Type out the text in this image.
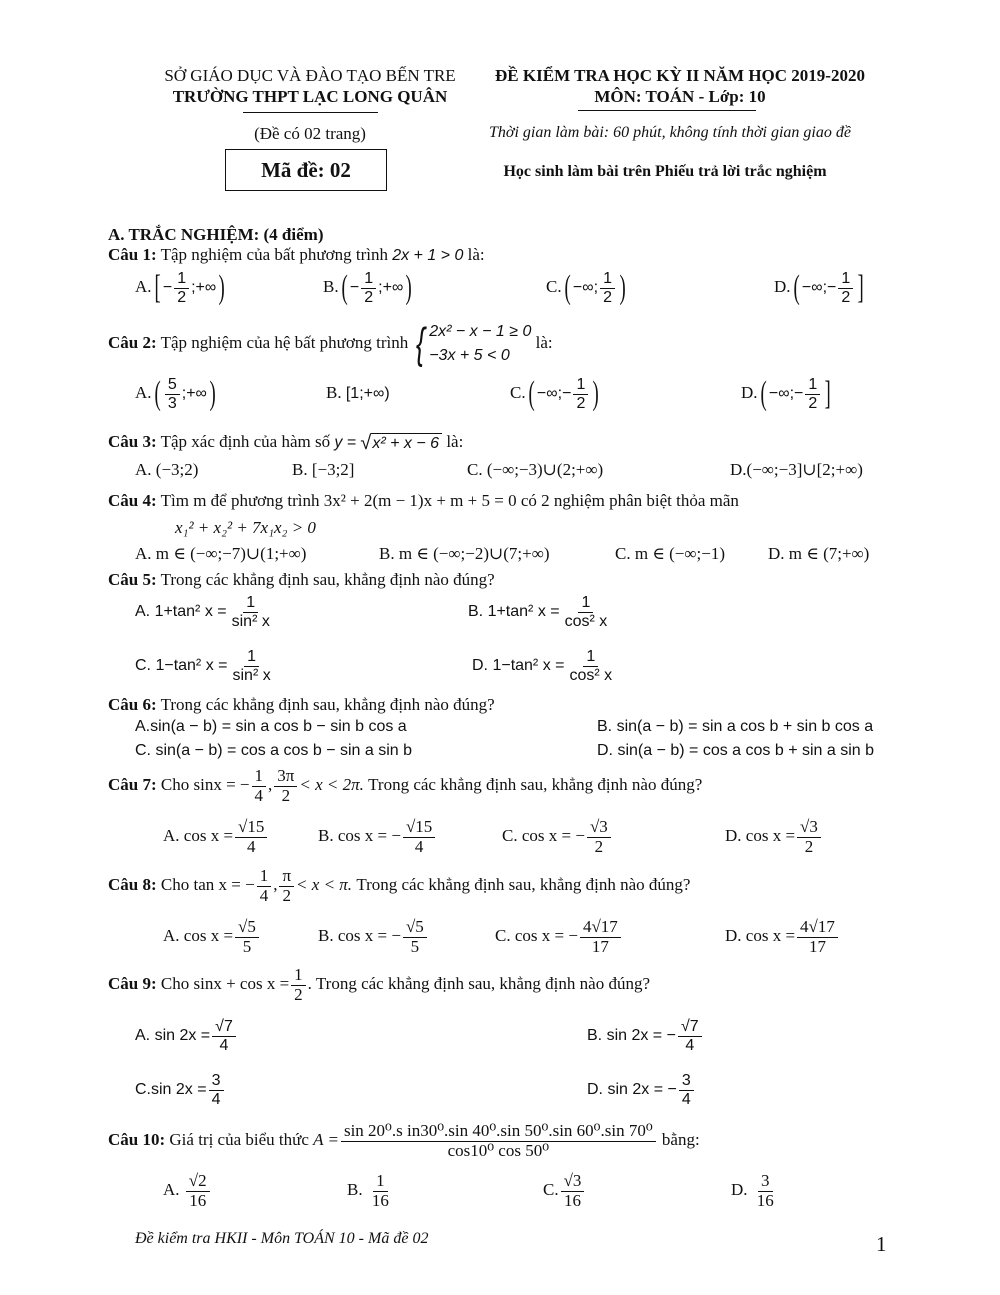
SỞ GIÁO DỤC VÀ ĐÀO TẠO BẾN TRE
TRƯỜNG THPT LẠC LONG QUÂN
ĐỀ KIỂM TRA HỌC KỲ II NĂM HỌC 2019-2020
MÔN: TOÁN - Lớp: 10
(Đề có 02 trang)	Thời gian làm bài: 60 phút, không tính thời gian giao đề
Mã đề: 02	Học sinh làm bài trên Phiếu trả lời trắc nghiệm
A. TRẮC NGHIỆM: (4 điểm)
Câu 1: Tập nghiệm của bất phương trình 2x + 1 > 0 là:
$A.[ - \frac{1}{2}$ ;+∞)	$B.( - \frac{1}{2}$ ;+∞)	C.( −∞; $\frac{1}{2}$ )	D.( −∞;− $\frac{1}{2}$ ]
Câu 2: Tập nghiệm của hệ bất phương trình { 2x² − x − 1 ≥ 0
−3x + 5 < 0
là:
$A.( \frac{5}{3}$ ;+∞)	B. [1;+∞)	C.( −∞;− $\frac{1}{2}$ )	D.( −∞;− $\frac{1}{2}$ ]
Câu 3: Tập xác định của hàm số y = √ x² + x − 6 là:
A. (−3;2)	B. [−3;2]	C. (−∞;−3)∪(2;+∞)	D.(−∞;−3]∪[2;+∞)
Câu 4: Tìm m để phương trình 3x² + 2(m − 1)x + m + 5 = 0 có 2 nghiệm phân biệt thỏa mãn
x₁² + x₂² + 7x₁x₂ > 0
A. m ∈ (−∞;−7)∪(1;+∞)	B. m ∈ (−∞;−2)∪(7;+∞)	C. m ∈ (−∞;−1)	D. m ∈ (7;+∞)
Câu 5: Trong các khẳng định sau, khẳng định nào đúng?
A. 1+tan² $x = \frac{1}{\text{sin² x}}$	B. 1+tan² $x = \frac{1}{\text{cos² x}}$
C. 1−tan² $x = \frac{1}{\text{sin² x}}$	D. 1−tan² $x = \frac{1}{\text{cos² x}}$
Câu 6: Trong các khẳng định sau, khẳng định nào đúng?
A.sin(a − b) = sin a cos b − sin b cos a	B. sin(a − b) = sin a cos b + sin b cos a
C. sin(a − b) = cos a cos b − sin a sin b	D. sin(a − b) = cos a cos b + sin a sin b
Câu 7: Cho sinx = − $\frac{1}{4}$ , $\frac{3\pi}{2} < x < 2\pi$. Trong các khẳng định sau, khẳng định nào đúng?
A. $\cos x = \frac{√15}{4}$	B. cos x = − $\frac{√15}{4}$	C. cos x = − $\frac{√3}{2}$	D. $\cos x = \frac{√3}{2}$
Câu 8: Cho tan x = − $\frac{1}{4}$ , $\frac{\pi}{2} < x < \pi$. Trong các khẳng định sau, khẳng định nào đúng?
A. $\cos x = \frac{√5}{5}$	B. cos x = − $\frac{√5}{5}$	C. cos x = − $\frac{4√17}{17}$	D. $\cos x = \frac{4√17}{17}$
Câu 9: Cho $\sin x + \cos x = \frac{1}{2}$ . Trong các khẳng định sau, khẳng định nào đúng?
A. $\sin 2x = \frac{√7}{4}$	B. sin 2x = − $\frac{√7}{4}$
C.sin $2x = \frac{3}{4}$	D. sin 2x = − $\frac{3}{4}$
Câu 10: Giá trị của biểu thức $A = \frac{\text{sin 20⁰.s in30⁰.sin 40⁰.sin 50⁰.sin 60⁰.sin 70⁰}}{\text{cos10⁰ cos 50⁰}}$ bằng:
A. $\frac{√2}{16}$	B. $\frac{1}{16}$	C. $\frac{√3}{16}$	D. $\frac{3}{16}$
Đề kiểm tra HKII - Môn TOÁN 10 - Mã đề 02	1
